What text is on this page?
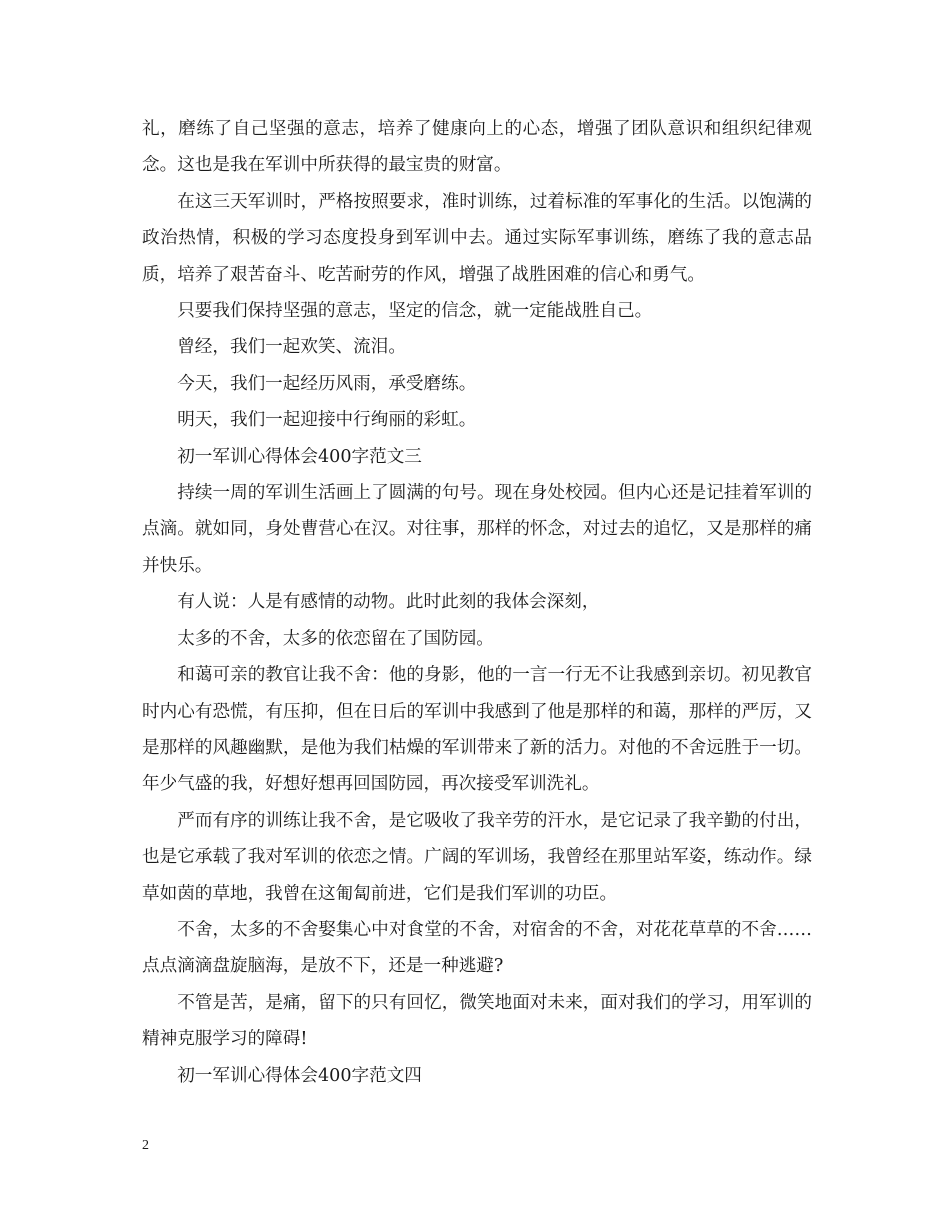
礼，磨练了自己坚强的意志，培养了健康向上的心态，增强了团队意识和组织纪律观念。这也是我在军训中所获得的最宝贵的财富。

在这三天军训时，严格按照要求，准时训练，过着标准的军事化的生活。以饱满的政治热情，积极的学习态度投身到军训中去。通过实际军事训练，磨练了我的意志品质，培养了艰苦奋斗、吃苦耐劳的作风，增强了战胜困难的信心和勇气。

只要我们保持坚强的意志，坚定的信念，就一定能战胜自己。

曾经，我们一起欢笑、流泪。

今天，我们一起经历风雨，承受磨练。

明天，我们一起迎接中行绚丽的彩虹。

初一军训心得体会400字范文三

持续一周的军训生活画上了圆满的句号。现在身处校园。但内心还是记挂着军训的点滴。就如同，身处曹营心在汉。对往事，那样的怀念，对过去的追忆，又是那样的痛并快乐。

有人说：人是有感情的动物。此时此刻的我体会深刻，

太多的不舍，太多的依恋留在了国防园。

和蔼可亲的教官让我不舍：他的身影，他的一言一行无不让我感到亲切。初见教官时内心有恐慌，有压抑，但在日后的军训中我感到了他是那样的和蔼，那样的严厉，又是那样的风趣幽默，是他为我们枯燥的军训带来了新的活力。对他的不舍远胜于一切。年少气盛的我，好想好想再回国防园，再次接受军训洗礼。

严而有序的训练让我不舍，是它吸收了我辛劳的汗水，是它记录了我辛勤的付出，也是它承载了我对军训的依恋之情。广阔的军训场，我曾经在那里站军姿，练动作。绿草如茵的草地，我曾在这匍匐前进，它们是我们军训的功臣。

不舍，太多的不舍娶集心中对食堂的不舍，对宿舍的不舍，对花花草草的不舍……点点滴滴盘旋脑海，是放不下，还是一种逃避?

不管是苦，是痛，留下的只有回忆，微笑地面对未来，面对我们的学习，用军训的精神克服学习的障碍!

初一军训心得体会400字范文四

2
